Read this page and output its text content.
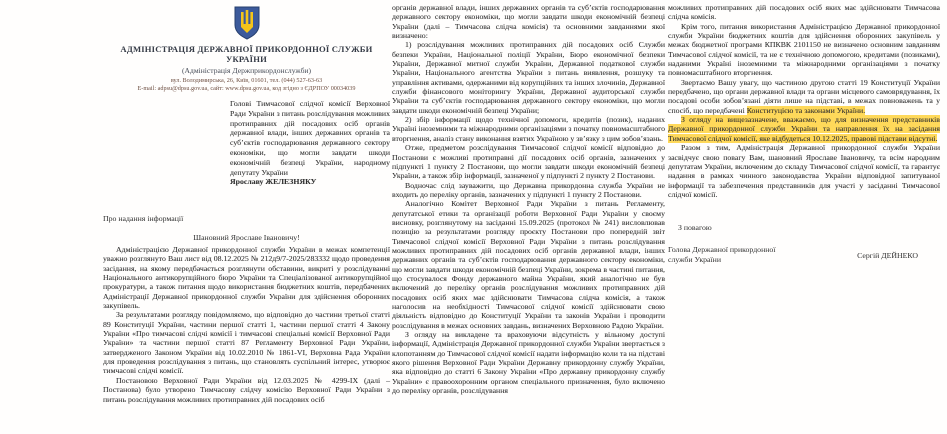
АДМІНІСТРАЦІЯ ДЕРЖАВНОЇ ПРИКОРДОННОЇ СЛУЖБИ УКРАЇНИ
(Адміністрація Держприкордонслужби)
вул. Володимирська, 26, Київ, 01601, тел. (044) 527-63-63
E-mail: adpsu@dpsu.gov.ua, сайт: www.dpsu.gov.ua, код згідно з ЄДРПОУ 00034039
Голові Тимчасової слідчої комісії Верховної Ради України з питань розслідування можливих протиправних дій посадових осіб органів державної влади, інших державних органів та суб’єктів господарювання державного сектору економіки, що могли завдати шкоди економічній безпеці України, народному депутату України
Ярославу ЖЕЛЕЗНЯКУ
Про надання інформації
Шановний Ярославе Івановичу!

Адміністрацією Державної прикордонної служби України в межах компетенції уважно розглянуто Ваш лист від 08.12.2025 № 212д9/7-2025/283332 щодо проведення засідання, на якому передбачається розглянути обставини, викриті у розслідуванні Національного антикорупційного бюро України та Спеціалізованої антикорупційної прокуратури, а також питання щодо використання бюджетних коштів, передбачених Адміністрації Державної прикордонної служби України для здійснення оборонних закупівель.

За результатами розгляду повідомляємо, що відповідно до частини третьої статті 89 Конституції України, частини першої статті 1, частини першої статті 4 Закону України «Про тимчасові слідчі комісії і тимчасові спеціальні комісії Верховної Ради України» та частини першої статті 87 Регламенту Верховної Ради України, затвердженого Законом України від 10.02.2010 № 1861-VI, Верховна Рада України для проведення розслідування з питань, що становлять суспільний інтерес, утворює тимчасові слідчі комісії.

Постановою Верховної Ради України від 12.03.2025 № 4299-IX (далі – Постанова) було утворено Тимчасову слідчу комісію Верховної Ради України з питань розслідування можливих протиправних дій посадових осіб

органів державної влади, інших державних органів та суб’єктів господарювання державного сектору економіки, що могли завдати шкоди економічній безпеці України (далі – Тимчасова слідча комісія) та основними завданнями якої визначено:

1) розслідування можливих протиправних дій посадових осіб Служби безпеки України, Національної поліції України, Бюро економічної безпеки України, Державної митної служби України, Державної податкової служби України, Національного агентства України з питань виявлення, розшуку та управління активами, одержаними від корупційних та інших злочинів, Державної служби фінансового моніторингу України, Державної аудиторської служби України та суб’єктів господарювання державного сектору економіки, що могли завдати шкоди економічній безпеці України;

2) збір інформації щодо технічної допомоги, кредитів (позик), наданих Україні іноземними та міжнародними організаціями з початку повномасштабного вторгнення, аналіз стану виконання взятих Україною у зв’язку з цим зобов’язань.

Отже, предметом розслідування Тимчасової слідчої комісії відповідно до Постанови є можливі протиправні дії посадових осіб органів, зазначених у підпункті 1 пункту 2 Постанови, що могли завдати шкоди економічній безпеці України, а також збір інформації, зазначеної у підпункті 2 пункту 2 Постанови.

Водночас слід зауважити, що Державна прикордонна служба України не входить до переліку органів, зазначених у підпункті 1 пункту 2 Постанови.

Аналогічно Комітет Верховної Ради України з питань Регламенту, депутатської етики та організації роботи Верховної Ради України у своєму висновку, розглянутому на засіданні 15.09.2025 (протокол № 241) висловлював позицію за результатами розгляду проєкту Постанови про попередній звіт Тимчасової слідчої комісії Верховної Ради України з питань розслідування можливих протиправних дій посадових осіб органів державної влади, інших державних органів та суб’єктів господарювання державного сектору економіки, що могли завдати шкоди економічній безпеці України, зокрема в частині питання, що стосувалося Фонду державного майна України, який аналогічно не був включений до переліку органів розслідування можливих протиправних дій посадових осіб яких має здійснювати Тимчасова слідча комісія, а також наголосив на необхідності Тимчасової слідчої комісії здійснювати свою діяльність відповідно до Конституції України та законів України і проводити розслідування в межах основних завдань, визначених Верховною Радою України.

З огляду на викладене та враховуючи відсутність у вільному доступі інформації, Адміністрація Державної прикордонної служби України звертається з клопотанням до Тимчасової слідчої комісії надати інформацію коли та на підставі якого рішення Верховної Ради України Державну прикордонну службу України, яка відповідно до статті 6 Закону України «Про державну прикордонну службу України» є правоохоронним органом спеціального призначення, було включено до переліку органів, розслідування

можливих протиправних дій посадових осіб яких має здійснювати Тимчасова слідча комісія.

Крім того, питання використання Адміністрацією Державної прикордонної служби України бюджетних коштів для здійснення оборонних закупівель у межах бюджетної програми КПКВК 2101150 не визначено основним завданням Тимчасової слідчої комісії, та не є технічною допомогою, кредитами (позиками), наданими Україні іноземними та міжнародними організаціями з початку повномасштабного вторгнення.

Звертаємо Вашу увагу, що частиною другою статті 19 Конституції України передбачено, що органи державної влади та органи місцевого самоврядування, їх посадові особи зобов’язані діяти лише на підставі, в межах повноважень та у спосіб, що передбачені Конституцією та законами України.

З огляду на вищезазначене, вважаємо, що для визначення представників Державної прикордонної служби України та направлення їх на засідання Тимчасової слідчої комісії, яке відбудеться 10.12.2025, правові підстави відсутні.

Разом з тим, Адміністрація Державної прикордонної служби України засвідчує свою повагу Вам, шановний Ярославе Івановичу, та всім народним депутатам України, включеним до складу Тимчасової слідчої комісії, та гарантує надання в рамках чинного законодавства України відповідної запитуваної інформації та забезпечення представників для участі у засіданні Тимчасової слідчої комісії.

З повагою
Голова Державної прикордонної служби України	Сергій ДЕЙНЕКО
